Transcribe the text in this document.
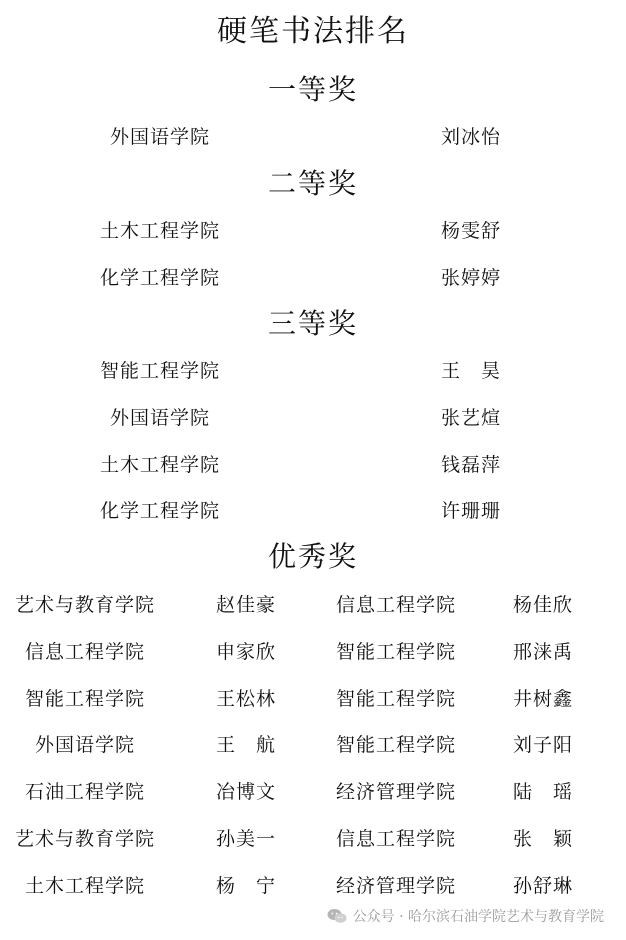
硬笔书法排名
一等奖
外国语学院	刘冰怡
二等奖
土木工程学院	杨雯舒
化学工程学院	张婷婷
三等奖
智能工程学院	王　昊
外国语学院	张艺煊
土木工程学院	钱磊萍
化学工程学院	许珊珊
优秀奖
艺术与教育学院	赵佳豪	信息工程学院	杨佳欣
信息工程学院	申家欣	智能工程学院	邢涞禹
智能工程学院	王松林	智能工程学院	井树鑫
外国语学院	王　航	智能工程学院	刘子阳
石油工程学院	冶博文	经济管理学院	陆　瑶
艺术与教育学院	孙美一	信息工程学院	张　颖
土木工程学院	杨　宁	经济管理学院	孙舒琳
公众号 · 哈尔滨石油学院艺术与教育学院
